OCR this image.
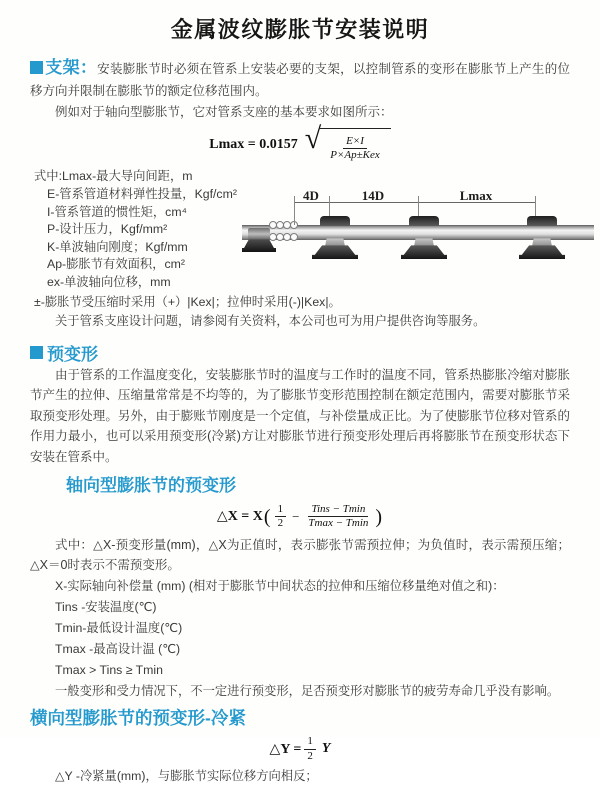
金属波纹膨胀节安装说明

支架：安装膨胀节时必须在管系上安装必要的支架，以控制管系的变形在膨胀节上产生的位移方向并限制在膨胀节的额定位移范围内。

例如对于轴向型膨胀节，它对管系支座的基本要求如图所示：

Lmax = 0.0157 √ $\frac{E\times I}{\text{P×Ap±Kex}}$

式中:Lmax-最大导向间距，m

E-管系管道材料弹性投量，Kgf/cm²

I-管系管道的惯性矩，cm⁴

P-设计压力，Kgf/mm²

K-单波轴向刚度；Kgf/mm

Ap-膨胀节有效面积，cm²

ex-单波轴向位移，mm

4D	14D	Lmax

±-膨胀节受压缩时采用（+）|Kex|；拉伸时采用(-)|Kex|。

关于管系支座设计问题，请参阅有关资料，本公司也可为用户提供咨询等服务。

预变形

由于管系的工作温度变化，安装膨胀节时的温度与工作时的温度不同，管系热膨胀冷缩对膨胀节产生的拉伸、压缩量常常是不均等的，为了膨胀节变形范围控制在额定范围内，需要对膨胀节采取预变形处理。另外，由于膨账节刚度是一个定值，与补偿量成正比。为了使膨胀节位移对管系的作用力最小，也可以采用预变形(冷紧)方让对膨胀节进行预变形处理后再将膨胀节在预变形状态下安装在管系中。

轴向型膨胀节的预变形
△X = X ( $\frac{1}{2} - \frac{\text{Tins − Tmin}}{Tmax - Tmin}$ )

式中：△X-预变形量(mm)，△X为正值时，表示膨张节需预拉伸；为负值时，表示需预压缩；△X＝0时表示不需预变形。

X-实际轴向补偿量 (mm) (相对于膨胀节中间状态的拉伸和压缩位移量绝对值之和)：

Tins -安装温度(℃)

Tmin-最低设计温度(℃)

Tmax -最高设计温 (℃)

Tmax > Tins ≥ Tmin

一般变形和受力情况下，不一定进行预变形，足否预变形对膨胀节的疲劳寿命几乎没有影响。

横向型膨胀节的预变形-冷紧
△Y = $\frac{1}{2}$ Y

△Y -冷紧量(mm)，与膨胀节实际位移方向相反；
